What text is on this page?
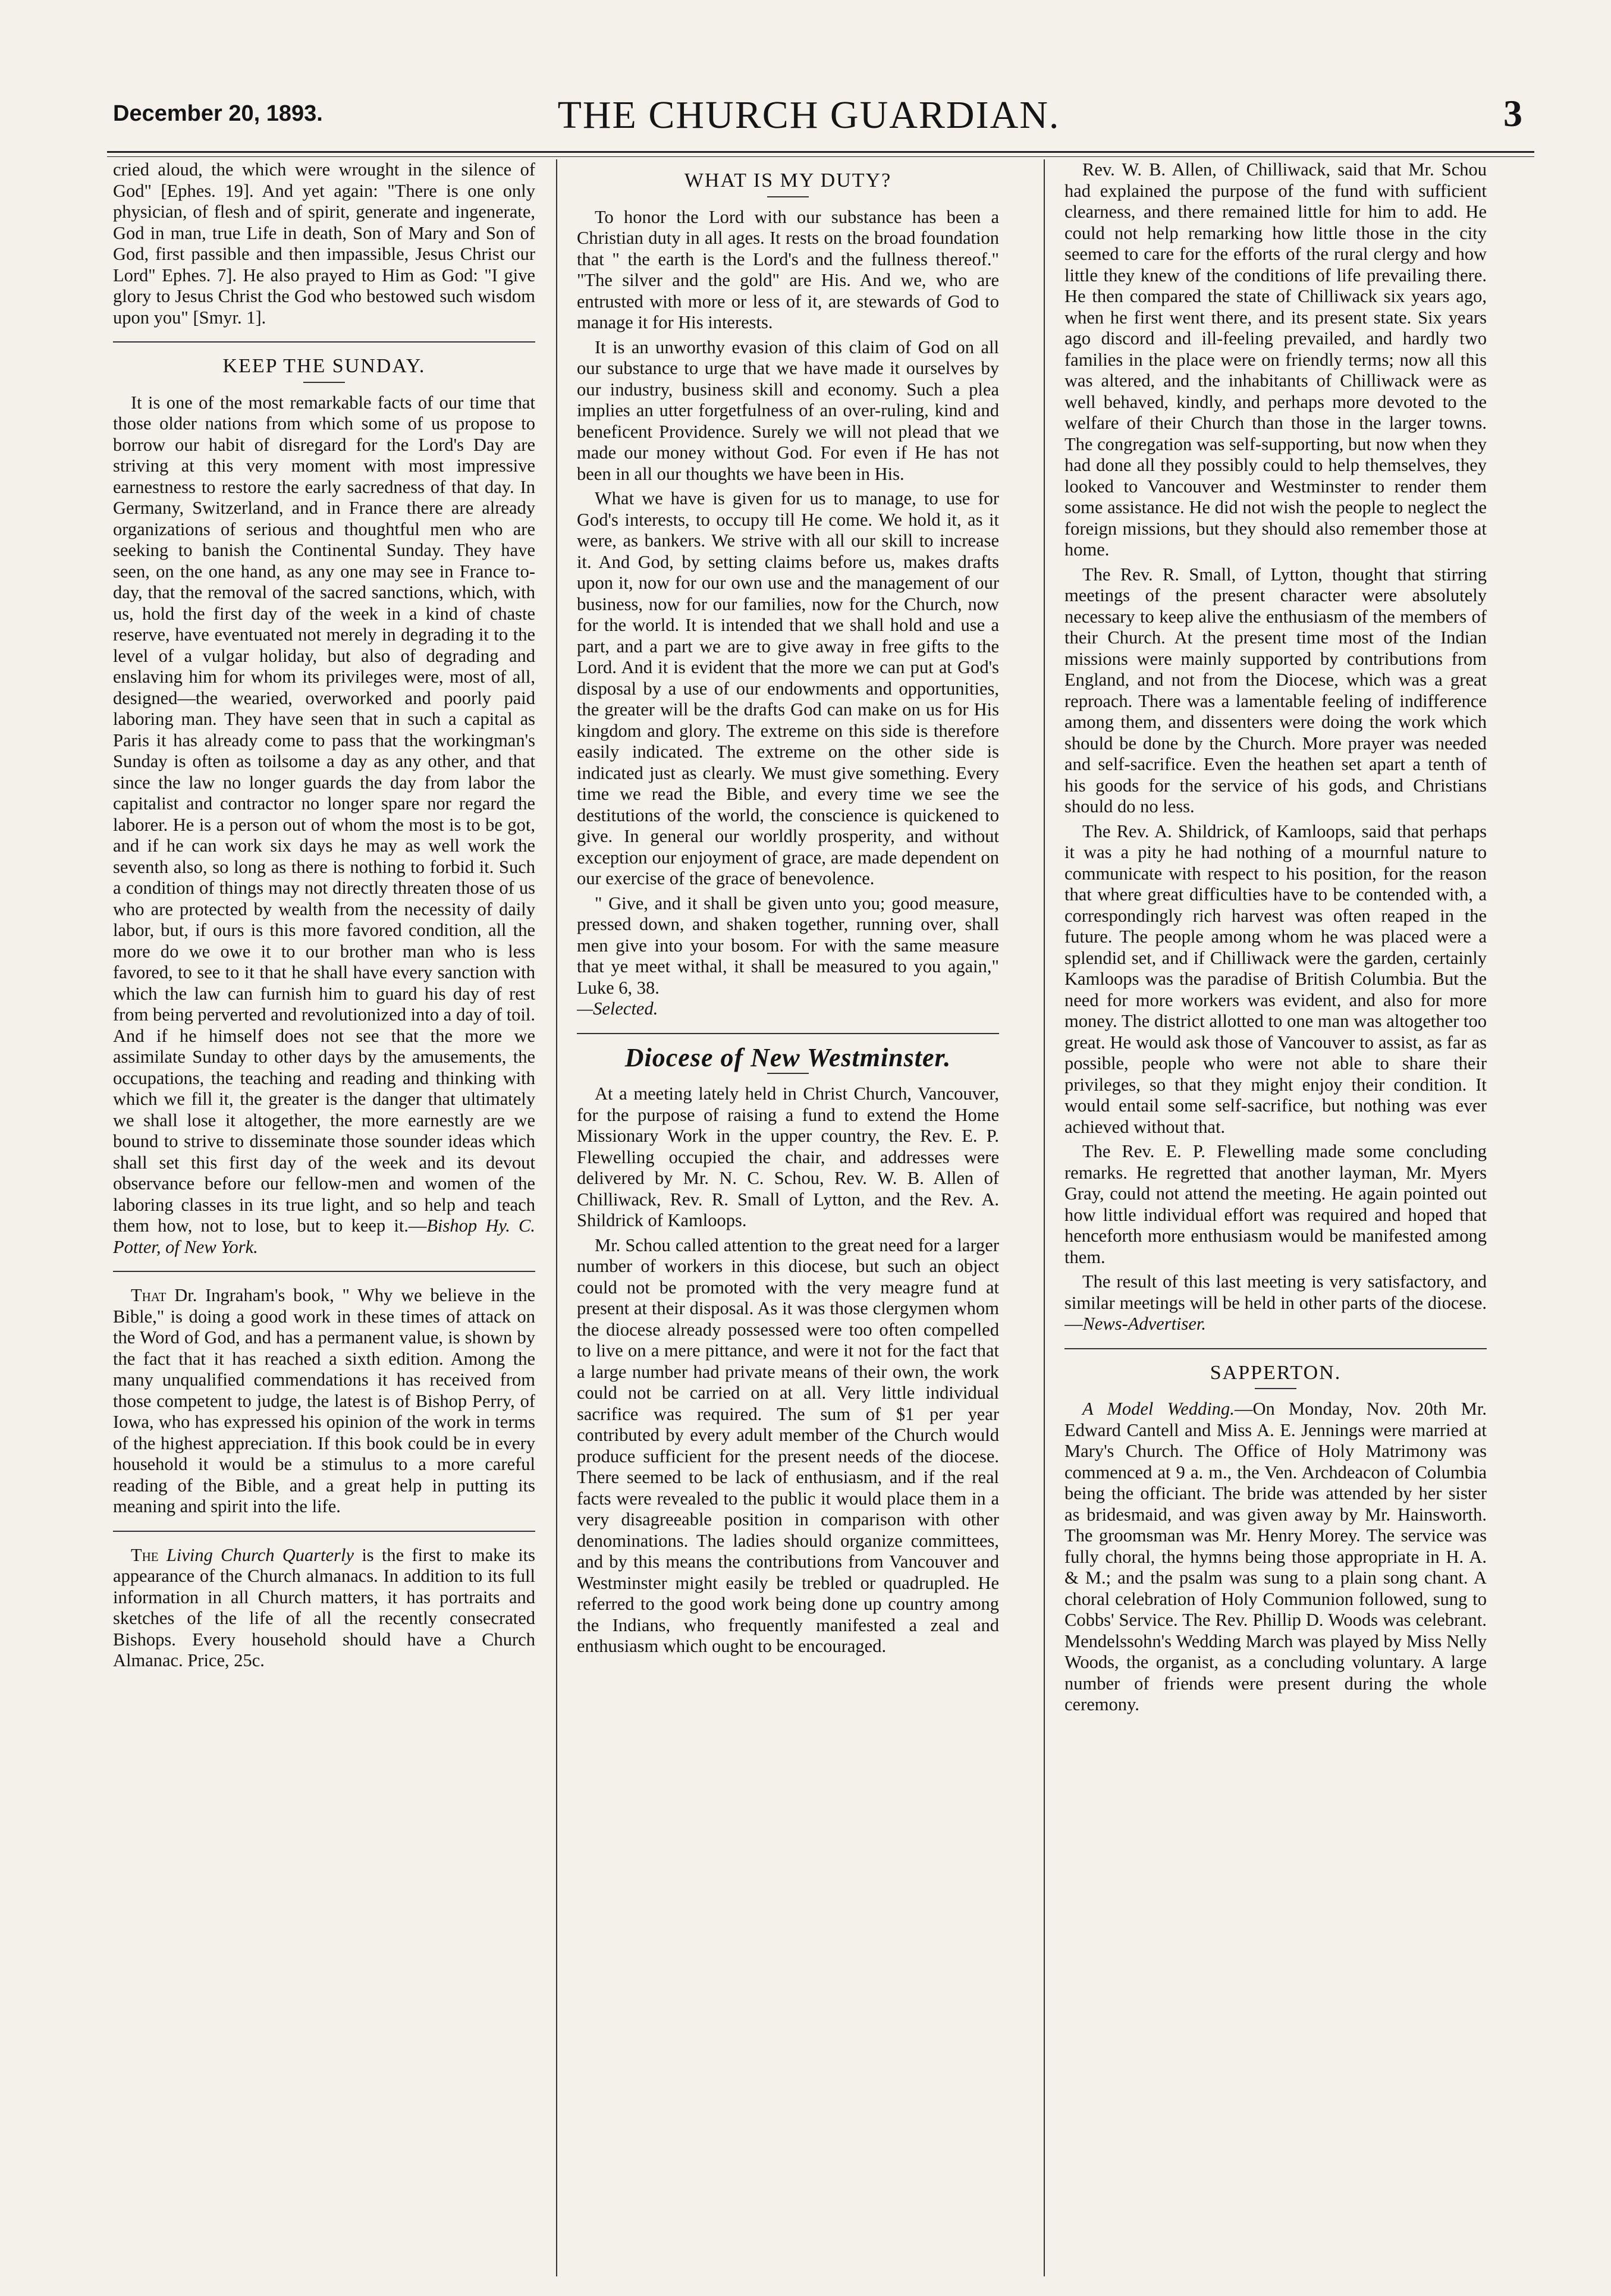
December 20, 1893.	THE CHURCH GUARDIAN.	3

cried aloud, the which were wrought in the silence of God" [Ephes. 19]. And yet again: "There is one only physician, of flesh and of spirit, generate and ingenerate, God in man, true Life in death, Son of Mary and Son of God, first passible and then impassible, Jesus Christ our Lord" Ephes. 7]. He also prayed to Him as God: "I give glory to Jesus Christ the God who bestowed such wisdom upon you" [Smyr. 1].

KEEP THE SUNDAY.

It is one of the most remarkable facts of our time that those older nations from which some of us propose to borrow our habit of disregard for the Lord's Day are striving at this very moment with most impressive earnestness to restore the early sacredness of that day. In Germany, Switzerland, and in France there are already organizations of serious and thoughtful men who are seeking to banish the Continental Sunday. They have seen, on the one hand, as any one may see in France to-day, that the removal of the sacred sanctions, which, with us, hold the first day of the week in a kind of chaste reserve, have eventuated not merely in degrading it to the level of a vulgar holiday, but also of degrading and enslaving him for whom its privileges were, most of all, designed—the wearied, overworked and poorly paid laboring man. They have seen that in such a capital as Paris it has already come to pass that the workingman's Sunday is often as toilsome a day as any other, and that since the law no longer guards the day from labor the capitalist and contractor no longer spare nor regard the laborer. He is a person out of whom the most is to be got, and if he can work six days he may as well work the seventh also, so long as there is nothing to forbid it. Such a condition of things may not directly threaten those of us who are protected by wealth from the necessity of daily labor, but, if ours is this more favored condition, all the more do we owe it to our brother man who is less favored, to see to it that he shall have every sanction with which the law can furnish him to guard his day of rest from being perverted and revolutionized into a day of toil. And if he himself does not see that the more we assimilate Sunday to other days by the amusements, the occupations, the teaching and reading and thinking with which we fill it, the greater is the danger that ultimately we shall lose it altogether, the more earnestly are we bound to strive to disseminate those sounder ideas which shall set this first day of the week and its devout observance before our fellow-men and women of the laboring classes in its true light, and so help and teach them how, not to lose, but to keep it.—Bishop Hy. C. Potter, of New York.

That Dr. Ingraham's book, " Why we believe in the Bible," is doing a good work in these times of attack on the Word of God, and has a permanent value, is shown by the fact that it has reached a sixth edition. Among the many unqualified commendations it has received from those competent to judge, the latest is of Bishop Perry, of Iowa, who has expressed his opinion of the work in terms of the highest appreciation. If this book could be in every household it would be a stimulus to a more careful reading of the Bible, and a great help in putting its meaning and spirit into the life.

The Living Church Quarterly is the first to make its appearance of the Church almanacs. In addition to its full information in all Church matters, it has portraits and sketches of the life of all the recently consecrated Bishops. Every household should have a Church Almanac. Price, 25c.

WHAT IS MY DUTY?

To honor the Lord with our substance has been a Christian duty in all ages. It rests on the broad foundation that " the earth is the Lord's and the fullness thereof." "The silver and the gold" are His. And we, who are entrusted with more or less of it, are stewards of God to manage it for His interests.

It is an unworthy evasion of this claim of God on all our substance to urge that we have made it ourselves by our industry, business skill and economy. Such a plea implies an utter forgetfulness of an over-ruling, kind and beneficent Providence. Surely we will not plead that we made our money without God. For even if He has not been in all our thoughts we have been in His.

What we have is given for us to manage, to use for God's interests, to occupy till He come. We hold it, as it were, as bankers. We strive with all our skill to increase it. And God, by setting claims before us, makes drafts upon it, now for our own use and the management of our business, now for our families, now for the Church, now for the world. It is intended that we shall hold and use a part, and a part we are to give away in free gifts to the Lord. And it is evident that the more we can put at God's disposal by a use of our endowments and opportunities, the greater will be the drafts God can make on us for His kingdom and glory. The extreme on this side is therefore easily indicated. The extreme on the other side is indicated just as clearly. We must give something. Every time we read the Bible, and every time we see the destitutions of the world, the conscience is quickened to give. In general our worldly prosperity, and without exception our enjoyment of grace, are made dependent on our exercise of the grace of benevolence.

" Give, and it shall be given unto you; good measure, pressed down, and shaken together, running over, shall men give into your bosom. For with the same measure that ye meet withal, it shall be measured to you again," Luke 6, 38.
—Selected.

Diocese of New Westminster.

At a meeting lately held in Christ Church, Vancouver, for the purpose of raising a fund to extend the Home Missionary Work in the upper country, the Rev. E. P. Flewelling occupied the chair, and addresses were delivered by Mr. N. C. Schou, Rev. W. B. Allen of Chilliwack, Rev. R. Small of Lytton, and the Rev. A. Shildrick of Kamloops.

Mr. Schou called attention to the great need for a larger number of workers in this diocese, but such an object could not be promoted with the very meagre fund at present at their disposal. As it was those clergymen whom the diocese already possessed were too often compelled to live on a mere pittance, and were it not for the fact that a large number had private means of their own, the work could not be carried on at all. Very little individual sacrifice was required. The sum of $1 per year contributed by every adult member of the Church would produce sufficient for the present needs of the diocese. There seemed to be lack of enthusiasm, and if the real facts were revealed to the public it would place them in a very disagreeable position in comparison with other denominations. The ladies should organize committees, and by this means the contributions from Vancouver and Westminster might easily be trebled or quadrupled. He referred to the good work being done up country among the Indians, who frequently manifested a zeal and enthusiasm which ought to be encouraged.

Rev. W. B. Allen, of Chilliwack, said that Mr. Schou had explained the purpose of the fund with sufficient clearness, and there remained little for him to add. He could not help remarking how little those in the city seemed to care for the efforts of the rural clergy and how little they knew of the conditions of life prevailing there. He then compared the state of Chilliwack six years ago, when he first went there, and its present state. Six years ago discord and ill-feeling prevailed, and hardly two families in the place were on friendly terms; now all this was altered, and the inhabitants of Chilliwack were as well behaved, kindly, and perhaps more devoted to the welfare of their Church than those in the larger towns. The congregation was self-supporting, but now when they had done all they possibly could to help themselves, they looked to Vancouver and Westminster to render them some assistance. He did not wish the people to neglect the foreign missions, but they should also remember those at home.

The Rev. R. Small, of Lytton, thought that stirring meetings of the present character were absolutely necessary to keep alive the enthusiasm of the members of their Church. At the present time most of the Indian missions were mainly supported by contributions from England, and not from the Diocese, which was a great reproach. There was a lamentable feeling of indifference among them, and dissenters were doing the work which should be done by the Church. More prayer was needed and self-sacrifice. Even the heathen set apart a tenth of his goods for the service of his gods, and Christians should do no less.

The Rev. A. Shildrick, of Kamloops, said that perhaps it was a pity he had nothing of a mournful nature to communicate with respect to his position, for the reason that where great difficulties have to be contended with, a correspondingly rich harvest was often reaped in the future. The people among whom he was placed were a splendid set, and if Chilliwack were the garden, certainly Kamloops was the paradise of British Columbia. But the need for more workers was evident, and also for more money. The district allotted to one man was altogether too great. He would ask those of Vancouver to assist, as far as possible, people who were not able to share their privileges, so that they might enjoy their condition. It would entail some self-sacrifice, but nothing was ever achieved without that.

The Rev. E. P. Flewelling made some concluding remarks. He regretted that another layman, Mr. Myers Gray, could not attend the meeting. He again pointed out how little individual effort was required and hoped that henceforth more enthusiasm would be manifested among them.

The result of this last meeting is very satisfactory, and similar meetings will be held in other parts of the diocese.—News-Advertiser.

SAPPERTON.

A Model Wedding.—On Monday, Nov. 20th Mr. Edward Cantell and Miss A. E. Jennings were married at Mary's Church. The Office of Holy Matrimony was commenced at 9 a. m., the Ven. Archdeacon of Columbia being the officiant. The bride was attended by her sister as bridesmaid, and was given away by Mr. Hainsworth. The groomsman was Mr. Henry Morey. The service was fully choral, the hymns being those appropriate in H. A. & M.; and the psalm was sung to a plain song chant. A choral celebration of Holy Communion followed, sung to Cobbs' Service. The Rev. Phillip D. Woods was celebrant. Mendelssohn's Wedding March was played by Miss Nelly Woods, the organist, as a concluding voluntary. A large number of friends were present during the whole ceremony.
